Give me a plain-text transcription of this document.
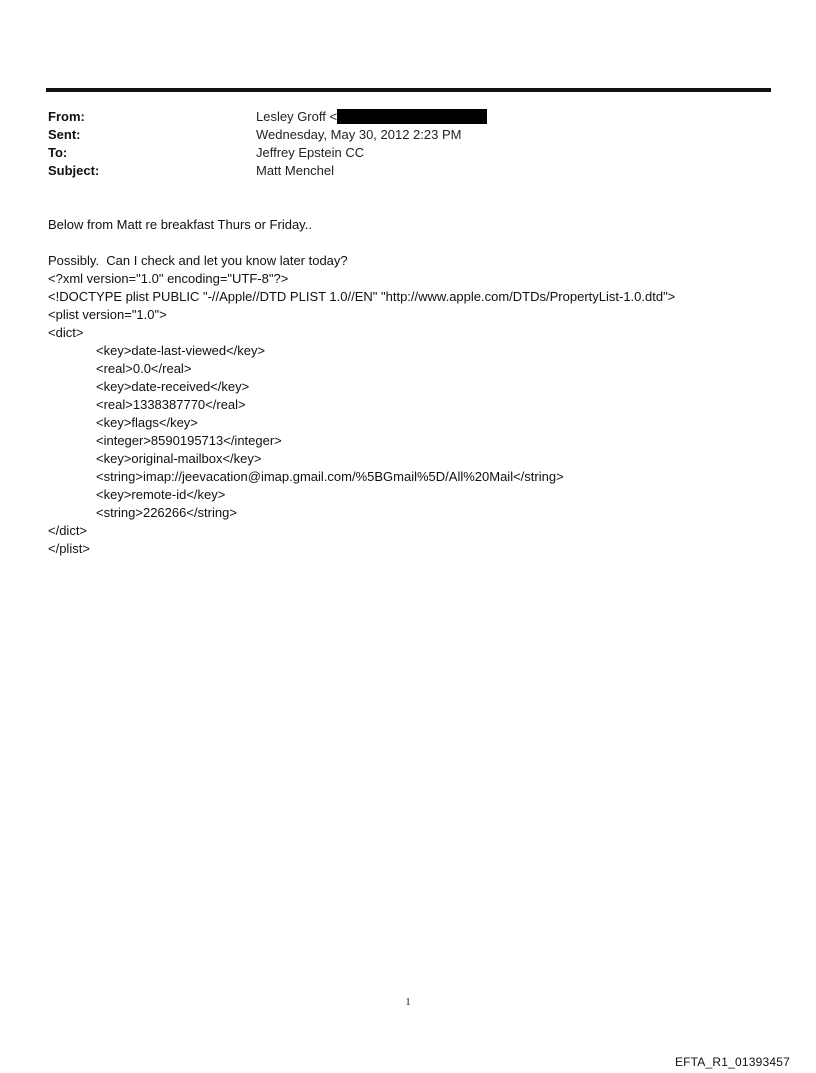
From:	Lesley Groff <
Sent:	Wednesday, May 30, 2012 2:23 PM
To:	Jeffrey Epstein CC
Subject:	Matt Menchel
Below from Matt re breakfast Thurs or Friday..
Possibly.  Can I check and let you know later today?
<?xml version="1.0" encoding="UTF-8"?>
<!DOCTYPE plist PUBLIC "-//Apple//DTD PLIST 1.0//EN" "http://www.apple.com/DTDs/PropertyList-1.0.dtd">
<plist version="1.0">
<dict>
<key>date-last-viewed</key>
<real>0.0</real>
<key>date-received</key>
<real>1338387770</real>
<key>flags</key>
<integer>8590195713</integer>
<key>original-mailbox</key>
<string>imap://jeevacation@imap.gmail.com/%5BGmail%5D/All%20Mail</string>
<key>remote-id</key>
<string>226266</string>
</dict>
</plist>
1
EFTA_R1_01393457
